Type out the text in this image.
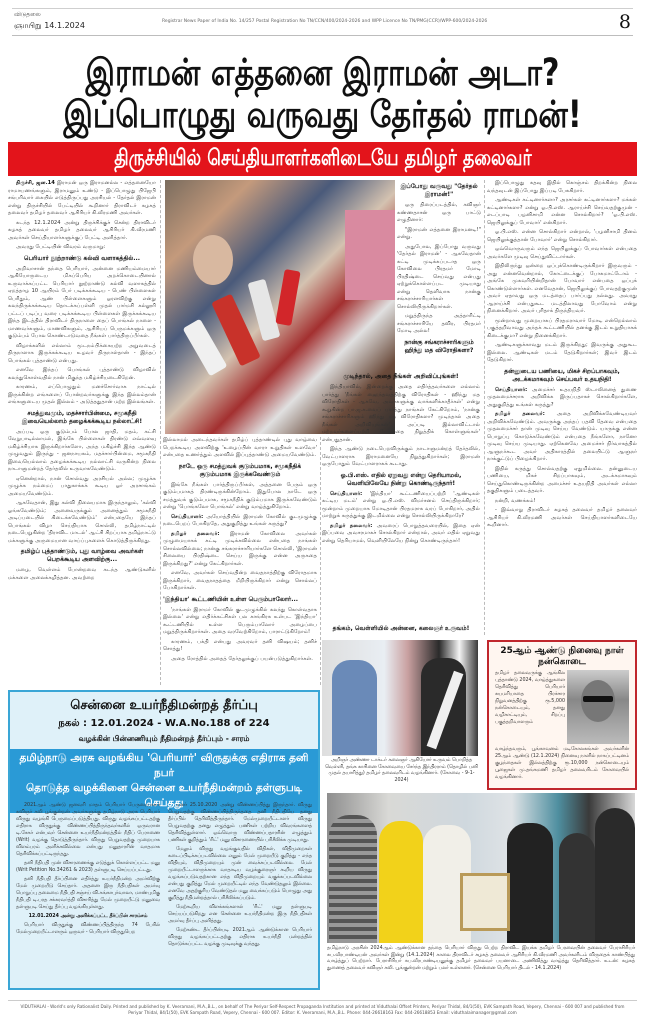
விடுதலை
ஞாயிறு 14.1.2024	Registrar News Paper of India No. 14/257 Postal Registration No TN/CCN/400/2024-2026 and WPP Licence No TN/PMG(CCR)/WPP-600/2024-2026	8
இராமன் எத்தனை இராமன் அடா?
இப்பொழுது வருவது தேர்தல் ராமன்!
திருச்சியில் செய்தியாளர்களிடையே தமிழர் தலைவர்

திருச்சி, ஜன.14 இராமன் ஒரு இராமனல்ல - எத்தனையோ ராமாயணங்களும், இராமனும் உண்டு - இப்பொழுது பிஜேபி சங்பரிவார் கையில் எடுத்திருப்பது அரசியல் - தேர்தல் இராமன் என்று திருச்சியில் பேட்டியில் கூறினார் திராவிடர் கழகத் தலைவர் தமிழர் தலைவர் ஆசிரியர் கி.வீரமணி அவர்கள்.

கடந்த 12.1.2024 அன்று திருச்சிக்குச் சென்ற திராவிடர் கழகத் தலைவர் தமிழர் தலைவர் ஆசிரியர் கி.வீரமணி அவர்கள் செய்தியாளர்களுக்குப் பேட்டி அளித்தார்.

அவரது பேட்டியின் விவரம் வருமாறு:

பெரியார் நூற்றாண்டு கல்வி வளாகத்தில்...

அறிவாசான் தந்தை பெரியார், அன்னை மணியம்மையார் ஆகியோருடைய மிகப்பெரிய அறக்கொடையினால் உருவாக்கப்பட்ட பெரியார் நூற்றாண்டு கல்வி வளாகத்தில் ஏறத்தாழ 10 ஆயிரம் பேர் படிக்கக்கூடிய - பெண் பிள்ளைகள் பெரிதும், ஆண் பிள்ளைகளும் ஓரளவிற்கு என்று கலந்திருக்கக்கூடிய தொடக்கப்பள்ளி முதல் பார்மசி கல்லூரி பட்டப் படிப்பு வரை படிக்கக்கூடிய பிள்ளைகள் இருக்கக்கூடிய இந்த இடத்தில் திராவிடர் திருநாளை தைப் பொங்கல் நாளை - மாணவர்களும், மாணவிகளும், ஆசிரியப் பெருமக்களும் ஒரு குடும்பம் போல கொண்டாடுவதை நீங்கள் பார்த்திருப்பீர்கள்.

விழாக்களில் எல்லாம் மூடநம்பிக்கையற்ற அறுவடைத் திருநாளாக இருக்கக்கூடிய உழவர் திருநாள்தான் - இந்தப் பொங்கல் புத்தாண்டு என்பது.

எனவே இந்தப் பொங்கல் புத்தாண்டு விழாவில் கலந்துகொள்வதில் நான் மிகுந்த மகிழ்ச்சியடைகிறேன்.

காரணம், எப்பொழுதும் மனச்சோர்வாக நாட்டில் இருக்கின்ற எங்களைப் போன்றவர்களுக்கு இந்த இல்லம்தான் எங்களுடைய முதல் இல்லம் - அடுத்ததுதான் மற்ற இல்லங்கள்.

சமத்துவமும், மதச்சார்பின்மை, சமூகநீதி இவையெல்லாம் தழைக்கக்கூடிய நல்லாட்சி!

அப்படி ஒரு குடும்பம் போல ஜாதி, மதம், கட்சி வேறுபாடில்லாமல், இங்கே பிள்ளைகள் திரண்டு எவ்வளவு மகிழ்ச்சியாக இருக்கிறார்களோ, அந்த மகிழ்ச்சி இந்த ஆண்டு முழுவதும் இருந்து - ஜனநாயகம், மதச்சார்பின்மை, சமூகநீதி இவையெல்லாம் தழைக்கக்கூடிய நல்லாட்சி வருகின்ற நிலை நாடாளுமன்றத் தேர்தலில் உருவாகவேண்டும்.

ஏனென்றால், நான் சொல்வது அரசியல் அல்ல; முழுக்க முழுக்க நம்மைப் பாதுகாக்கக் கூடிய ஓர் அரசாங்கம் அமையவேண்டும்.

ஆகவேதான், இது கல்வி நிலையமாக இருந்தாலும், 'கல்வி ஓங்கவேண்டும்; அனைவருக்கும் அனைத்தும் சமூகநீதி அடிப்படையில் கிடைக்கவேண்டும்' என்பதையே இந்தப் பொங்கல் விழா செய்தியாக சொல்லி, தமிழ்நாட்டில் நடைபெறுகின்ற 'திராவிட மாடல்' ஆட்சி சிறப்பாக தமிழ்நாட்டு மக்களுக்கு அருமையான வாய்ப்புகளைக் கொடுத்திருக்கிறது.

தமிழ்ப் புத்தாண்டும், புது வாழ்வை அவர்கள் பெறக்கூடிய அளவிற்கு...

மழை, வெள்ளம் போன்றவை கடந்த ஆண்டுகளில் மக்களை அலைக்கழித்தன. அவற்றை

இல்லாமல் அடைந்தவர்கள் தமிழ்ப் புத்தாண்டில் புது வாழ்வை பெறக்கூடிய அளவிற்கு 'உழைப்பின் வாரா உறுதிகள் உளவோ' என்பதை உணர்த்தும் அளவில் இப்புத்தாண்டு அமையவேண்டும்.

நாடே ஒரு சமத்துவக் குடும்பமாக, சமூகநீதிக் குடும்பமாக இருக்கவேண்டும்

இங்கே நீங்கள் பார்த்திருப்பீர்கள், அத்தனை பேரும் ஒரு குடும்பமாகத் திரண்டிருக்கின்றோம். இதுபோல நாடே ஒரு சமத்துவக் குடும்பமாக, சமூகநீதிக் குடும்பமாக இருக்கவேண்டும் என்று 'பொங்கலோ பொங்கல்' என்று வாழ்த்துகிறோம்.

செய்தியாளர்: அயோத்தியில் இராமன் கோவில் குடமுழுக்கு நடைபெறப் போகிறதே, அதுகுறித்து உங்கள் கருத்து?

தமிழர் தலைவர்: இராமன் கோவிலை அவர்கள் முழுமையாகக் கட்டி முடிக்கவில்லை என்பதை நாங்கள் சொல்லவில்லை; நான்கு சங்கராச்சாரியார்களே சொல்லி, 'இராமன் சிலையை பிரதிஷ்டை செய்ய இருக்கு என்ன அருகதை இருக்கிறது?' என்று கேட்கிறார்கள்.

எனவே, அவர்கள் செய்வதின்ற வைதநாத்திற்கு விரோதமாக இருக்கிறார், வைதநாதத்தை மீறியிருக்கிறார் என்று சொல்லப் போகிறார்கள்.

'இந்தியா' கூட்டணியின் உள்ள பெரும்பாலோர்...

'நாங்கள் இராமர் கோவில் குடமுழுக்கில் கலந்து கொள்வதாக இல்லை' என்று எதிர்க்கட்சிகள் பல காங்கிரசு உள்பட 'இந்தியா' கூட்டணியில் உள்ள பெரும்பாலோர் அழைப்பை மறுத்திருக்கிறார்கள். அதை வரவேற்கிறோம், பாராட்டுகிறோம்!

காரணம், பக்தி என்பது அவரவர் தனி விஷயம்; தனிச் சொத்து!

அதை ரோத்தில் அதைத் தேர்தலுக்குப் பயன்படுத்துகிறார்கள்.

இப்போது வருவது "தேர்தல் இராமன்!"

ஒரு திரைப்படத்தில், கவிஞர் கண்ணதாசன் ஒரு பாட்டு எழுதினார்:

"இராமன் எத்தனை இராமனடி!" என்று.

அதுபோல, இப்போது வருவது 'தேர்தல் இராமன்' - ஆகவேதான் கட்டி முடிக்கப்படாத ஒரு கோவிலை பிரதமர் மோடி பிரதிஷ்டை செய்வது என்பது ஏற்றுக்கொள்ளப்பட முடியாது என்று தெளிவாக நான்கு சங்கராச்சாரியார்கள் சொல்லியிருக்கிறார்கள்.

மறுத்திருந்த அத்தாரிட்டி சங்கராச்சாரியே தவிர, பிரதமர் மோடி அல்ல!

நான்கு சங்கராச்சாரிகளும் ஹிந்து மத விரோதிகளா?
முடிந்தால், அதை நீங்கள் அறிவிப்புங்கள்!

இந்தியாவில், இன்றைக்கு அதை எதிர்த்தவர்களை எல்லாம் பார்த்து 'நீங்கள் ஹைந்தவத்திற்கு விரோதிகள் - ஹிந்து மத விரோதிகள் - ஆகவே, அவர்களுக்கு வாக்களிக்காதீர்கள்' என்று கூறுகின்ற பா.ஜ.க.வைப் பார்த்து நாங்கள் கேட்கிறோம், 'நான்கு சங்கராச்சாரிகளும் ஹிந்து மத விரோதிகளா? முடிந்தால் அதை நீங்கள் அறிவியுங்கள்' அப்படி இல்லாவிட்டால் மற்றவர்களைப்பற்றி பேசுவதை நிறுத்திக் கொள்ளுங்கள்' என்பதுதான்.

இந்த ஆண்டு நடைபெறவிருக்கும் நாடாளுமன்றத் தேர்தலில், வேட்பாளராக இராமனையே நிறுத்துகிறார்கள்; இராமன் ஒருபோதும் வேட்பாளராகக் கூடாது.

ஓ.பி.எஸ். எதில் ஏறுவது என்று தெரியாமல், வெளியிலேயே நின்று கொண்டிருந்தார்!

செய்தியாளர்: 'இந்தியா' கூட்டணியைப்பற்றி 'ஆண்டிகள் கட்டிய மடம்' என்று ஓ.பி.எஸ். விமர்சனம் செய்திருக்கிறார்; மூன்றாம் முறையாக மோடிதான் பிரதமராக வரப் போகிறார், அதில் மாற்றுக் கருத்துக்கு இடமில்லை என்று சொல்லியிருக்கிறாரே?

தமிழர் தலைவர்: அவரைப் பொறுத்தவரையில், இதை ஏன் இப்பவை அவசரமாகச் சொல்கிறார் என்றால், அவர் எதில் ஏறுவது என்று தெரியாமல், வெளியிலேயே நின்று கொண்டிருந்தார்!

இப்பொழுது கதவு இதில் கொஞ்சம் திறக்கின்ற நிலை வந்தவுடன் இப்போது இப்படி பேசுகிறார்.

ஆண்டிகள் கட்டினார்களா? அரசர்கள் கட்டினார்களா? மக்கள் கட்டினார்களா? என்று ஓ.பி.எஸ். ஆராய்ச்சி செய்வதற்குமுன் - எடப்பாடி பழனிசாமி என்ன சொல்கிறார்? 'ஓ.பி.எஸ். ஜெயிலுக்குப் போவார்' என்கிறார்.

ஓ.பி.எஸ். என்ன சொல்கிறார் என்றால், 'பழனிசாமி தினம் ஜெயிலுக்குத்தான் போவார்' என்று சொல்கிறார்.

ஒவ்வொருவரும் எந்த ஜெயிலுக்குப் போவார்கள் என்பதை அவர்களே முடிவு செய்துவிட்டார்கள்.

இதிலிருந்து ஒன்றை ஒப்புக்கொண்டிருக்கிறார் இருவரும் - அது என்னவென்றால், கோட்டைக்குப் போகமாட்டோம் - அங்கே முகவரியின்றிதான் போவார் என்பதை ஒப்புக் கொண்டுள்ளார்கள். எனவேதான், ஜெயிலுக்குப் போவதற்குமுன் அவர் ஏதாவது ஒரு மடத்தைப் பார்ப்பது நல்லது. அவரது ஆராய்ச்சி என்பதுகூட மடத்திலாவது போவோம் என்று நினைக்கிறார். அவர் புரிதாக் திருந்தியவர்.

மூன்றாவது முறையாகப் பிரதமராவார் மோடி என்றெல்லாம் பகுத்தறிவாவது அந்தக் கூட்டணியில் தனக்கு இடம் உறுதியாகக் கிடைக்குமா? என்று நினைக்கிறார்.

ஆண்டிகளுக்காவது மடம் இருக்கிறது; இவருக்கு அதுகூட இல்லை. ஆண்டிகள் மடம் தேடுகிறார்கள்; இவர் இடம் தேடுகிறார்.

தன்னுடைய பணியை, மிகச் சிறப்பாகவும், அடக்கமாகவும் செய்பவர் உதயநிதி!

செய்தியாளர்: அமைச்சர் உதயநிதி ஸ்டாலினைத் துணை முதலமைச்சராக அறிவிக்க இருப்பதாகச் சொல்கிறார்களே, அதுகுறித்து உங்கள் கருத்து?

தமிழர் தலைவர்: அதை அறிவிக்கவேண்டியவர் அறிவிக்கவேண்டும். அவருக்கு அந்தப் பதவி தேவை என்பதை முதலமைச்சர் தான் முடிவு செய்ய வேண்டும். யாருக்கு என்ன பொறுப்பு கொடுக்கவேண்டும் என்பதை நீங்களோ, நானோ முடிவு செய்ய முடியாது. ஏற்கெனவே அமைச்சர் நிர்வாகத்தில் ஆளுநர்கூட அவர் அதிகாரத்தில் தலையிட்டு ஆளுநர் நாக்குட்டுப் பிழைக்கிறார்.

இதில் கருத்து சொல்வதற்கு ஏதுமில்லை. தன்னுடைய பணியை, மிகச் சிறப்பாகவும், அடக்கமாகவும் செய்துகொண்டிருக்கின்ற அமைச்சர் உதயநிதி அவர்கள் எல்லா தகுதிகளும் படைத்தவர்.

நன்றி, வணக்கம்!

- இவ்வாறு திராவிடர் கழகத் தலைவர் தமிழர் தலைவர் ஆசிரியர் கி.வீரமணி அவர்கள் செய்தியாளர்களிடையே கூறினார்.

தங்கம், வெள்ளியில் அன்னை, கலைஞர் உருவம்!
அறிஞர் அண்ணா டாக்டர் கலைஞர் ஆகியோர் உருவம் பொறித்த வெள்ளி, தங்க காசினை கோவையை சேர்ந்த இந்திரராம் (தொழில் பனி முதல் தயாரித்து) தமிழர் தலைவரிடம் வழங்கினார். (கோவை - 9-1-2024)
25ஆம் ஆண்டு நினைவு நாள் நன்கொடை
தமிழர் தலைவருக்கு ஆங்கில புத்தாண்டு 2024, வாழ்த்துகளை தெரிவித்து பெரியார் சுயமரியாதை பிரச்சார நிறுவனத்திற்கு ரூ.5,000 நன்கொடையும், தனது வழிகாட்டியும், சிறப்பு பகுத்தறிவாளரும்
வாழ்ந்தவரும், பூங்காவனம் மடிகோலகங்கள் அவர்களின் 25ஆம் ஆண்டு (12.1.2024) நினைவு நாளில் நாகப்பட்டினம் குழந்தைகள் இல்லத்திற்கு ரூ.10,000 நன்கொடையும் பூஜைகள் மு.தங்கமணி தமிழர் தலைவரிடம் கோவையில் வழங்கினார்.
சென்னை உயர்நீதிமன்றத் தீர்ப்பு
நகல் : 12.01.2024 - W.A.No.188 of 224
வழக்கின் பின்னணியும் நீதிமன்றத் தீர்ப்பும் - சாரம்
தமிழ்நாடு அரசு வழங்கிய 'பெரியார்' விருதுக்கு எதிராக தனி நபர்
தொடுத்த வழக்கினை சென்னை உயர்நீதிமன்றம் தள்ளுபடி செய்தது

2021ஆம் ஆண்டு ஜனவரி மாதம் பெரியார் பேருரையாளர் கவிஞர் கலி பூங்குன்றன் அவர்களுக்கு தமிழ்நாடு அரசு பெரியார் விருது வழங்கி பெருமைப்படுத்தியது. விருது வழங்கப்பட்டதற்கு எதிராக விருதுக்கு விண்ணப்பித்திருந்தவர்களில் ஒருவரான டி.சேகர் என்பவர் சென்னை உயர்நீதிமன்றத்தில் நீதிப் பேராணை (Writ) வழக்கு தொடுத்திருந்தார். விருது பெறுவதற்கு முறையாக விளம்பரம் அளிக்கவில்லை என்பது மனுதாரரின் வாதமாக தெரிவிக்கப்பட்டிருந்தது.

தனி நீதிபதி முன் விசாரணைக்கு எடுத்துக் கொள்ளப்பட்ட மனு (Writ Petition No.34261 & 2023) தள்ளுபடி செய்யப்பட்டது.

தனி நீதிபதி தீர்ப்பினை எதிர்த்து உயர்நீதிமன்ற அமர்விற்கு மேல் முறையீடு செய்தார். அதனை இரு நீதிபதிகள் அமர்வு பொறுப்பு தலைமை நீதிபதி சஞ்சய் வி.கங்காபுர்வாலா, மாண்புமிகு நீதிபதி டி.பரத சக்கரவர்த்தி விசாரித்து மேல் முறையீட்டு மனுவை தள்ளுபடி செய்து தீர்ப்பு வழங்கியுள்ளது.

12.01.2024 அன்று அளிக்கப்பட்ட தீர்ப்பின் சாரம்சம்

பெரியார் விருதுக்கு விண்ணப்பித்திருந்த 74 பேரில் மேல்முறையீட்டாளரும் ஒருவர் - பெரியார் விருதுபெற

ஏனர் 25.10.2020 அன்று விண்ணப்பித்து இருந்தார். விருது பெறுவதற்கு விண்ணப்பித்திருந்ததை தனி நீதிபதியே தனது தீர்ப்பில் தெரிவித்திருந்தார். மேல்முறையீட்டாளர் விருது பெறுவதற்கு தனது எழுத்தும் பணிகள் பற்றிய விவரங்களைத் தெரிவித்துள்ளார். ஒவ்வொரு விண்ணப்பதாரரின் எழுத்தும் பணிகள் குறித்தும் 'ரிட்' மனு விசாரணையில் பரிசீலிக்க முடியாது.

மேலும் விருது வழங்குவதில் விதிகள், விதிமுறைகள் கடைப்பிடிக்கப்படவில்லை எனும் மேல் முறையீடு குறித்து - எந்த விதியும், விதிமுறையும் முன் வைக்கப்படவில்லை. மேல் முறையீட்டாளருக்காக வாதாடிய வழக்குரைஞர் கூறிய விருது வழங்கப்படுவதற்கான எந்த விதிமுறையும் வகுக்கப்படவில்லை என்பது குறித்து மேல் முறையீட்டில் எந்த வேண்டுதலும் இல்லை. எனவே அதற்குரிய வேண்டுதல் மனு வைக்கப்படும் பொழுது அது குறித்து நீதிமன்றத்தால் பரிசீலிக்கப்படும்.

மேற்கூறிய விளக்கங்களால் 'ரிட்' மனு தள்ளுபடி செய்யப்படுகிறது என சென்னை உயர்நீதிமன்ற இரு நீதிபதிகள் அமர்வு தீர்ப்பு அளித்தது.

மேற்கண்ட தீர்ப்பின்படி 2021ஆம் ஆண்டுக்கான பெரியார் விருது வழங்கப்பட்டதற்கு எதிராக உயர்நீதி மன்றத்தில் தொடுக்கப்பட்ட வழக்கு முடிவுக்கு வந்தது.

தமிழ்நாடு அரசின் 2024ஆம் ஆண்டுக்கான தந்தை பெரியார் விருது பெற்ற திராவிட இயக்க தமிழர் பேரவையின் தலைவர் பேராசிரியர் சுப.வீரபாண்டியன் அவர்கள் இன்று (14.1.2024) காலை திராவிடர் கழகத் தலைவர் ஆசிரியர் கி.வீரமணி அவர்களிடம் விருதைக் காண்பித்து வாழ்த்துப் பெற்றார். பேராசிரியர் சுப.வீரபாண்டியனுக்கு தமிழர் தலைவர் பயனாடை அணிவித்து வாழ்த்து தெரிவித்தார். உடன்: கழகத் துணைத் தலைவர் கவிஞர் கலி. பூங்குன்றன் மற்றும் பலர் உள்ளனர். (சென்னை பெரியார் திடல் - 14.1.2024)
VIDUTHALAI - World's only Rationalist Daily. Printed and published by K. Veeramani, M.A.,B.L., on behalf of The Periyar Self-Respect Propaganda Institution and printed at Viduthalai Offset Printers, Periyar Thidal, 84/1(50), EVK Sampath Road, Vepery, Chennai - 600 007 and published from
Periyar Thidal, 84/1(50), EVK Sampath Road, Vepery, Chennai - 600 007. Editor: K. Veeramani, M.A.,B.L. Phone: 044-26618163 Fax: 044-26618853 Email: viduthalaimanager@gmail.com
